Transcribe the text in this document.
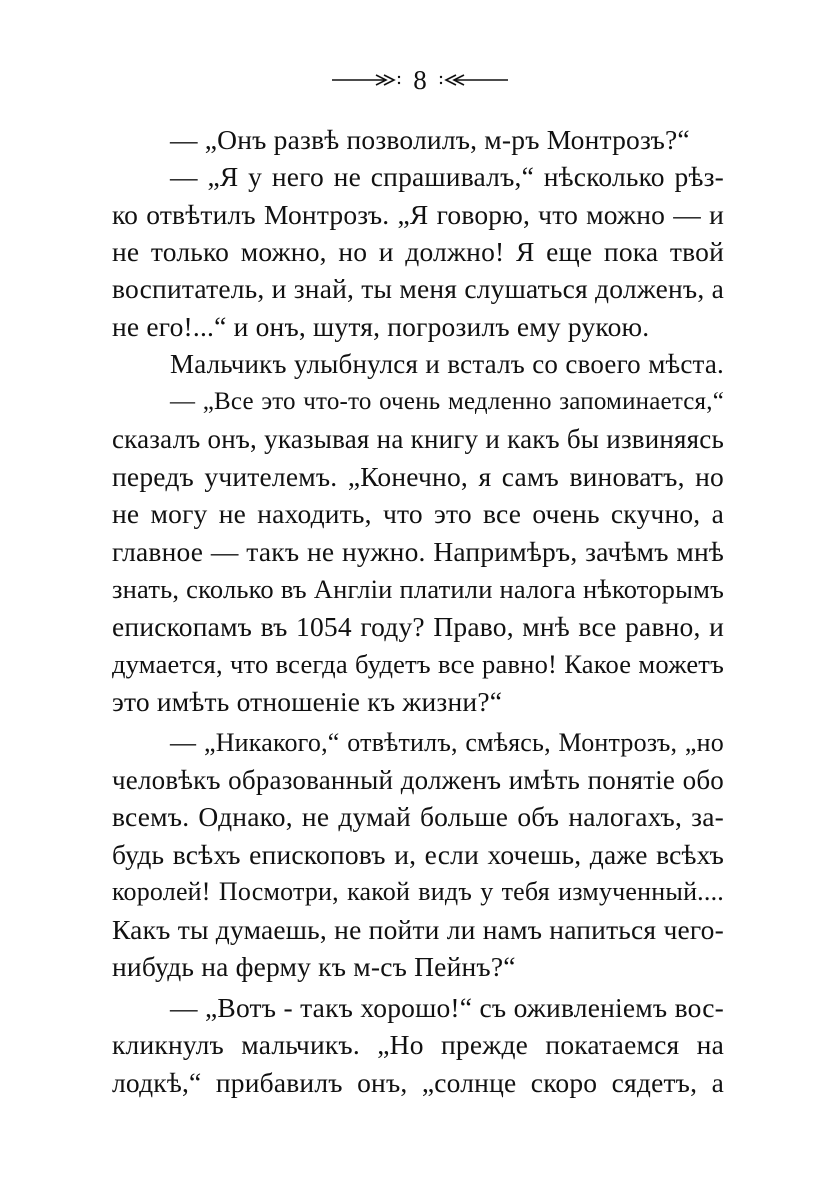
8
— „Онъ развѣ позволилъ, м-ръ Монтрозъ?“
— „Я у него не спрашивалъ,“ нѣсколько рѣз-
ко отвѣтилъ Монтрозъ. „Я говорю, что можно — и
не только можно, но и должно! Я еще пока твой
воспитатель, и знай, ты меня слушаться долженъ, а
не его!...“ и онъ, шутя, погрозилъ ему рукою.
Мальчикъ улыбнулся и всталъ со своего мѣста.
— „Все это что-то очень медленно запоминается,“
сказалъ онъ, указывая на книгу и какъ бы извиняясь
передъ учителемъ. „Конечно, я самъ виноватъ, но
не могу не находить, что это все очень скучно, а
главное — такъ не нужно. Напримѣръ, зачѣмъ мнѣ
знать, сколько въ Англіи платили налога нѣкоторымъ
епископамъ въ 1054 году? Право, мнѣ все равно, и
думается, что всегда будетъ все равно! Какое можетъ
это имѣть отношеніе къ жизни?“
— „Никакого,“ отвѣтилъ, смѣясь, Монтрозъ, „но
человѣкъ образованный долженъ имѣть понятіе обо
всемъ. Однако, не думай больше объ налогахъ, за-
будь всѣхъ епископовъ и, если хочешь, даже всѣхъ
королей! Посмотри, какой видъ у тебя измученный....
Какъ ты думаешь, не пойти ли намъ напиться чего-
нибудь на ферму къ м-съ Пейнъ?“
— „Вотъ - такъ хорошо!“ съ оживленіемъ вос-
кликнулъ мальчикъ. „Но прежде покатаемся на
лодкѣ,“ прибавилъ онъ, „солнце скоро сядетъ, а
